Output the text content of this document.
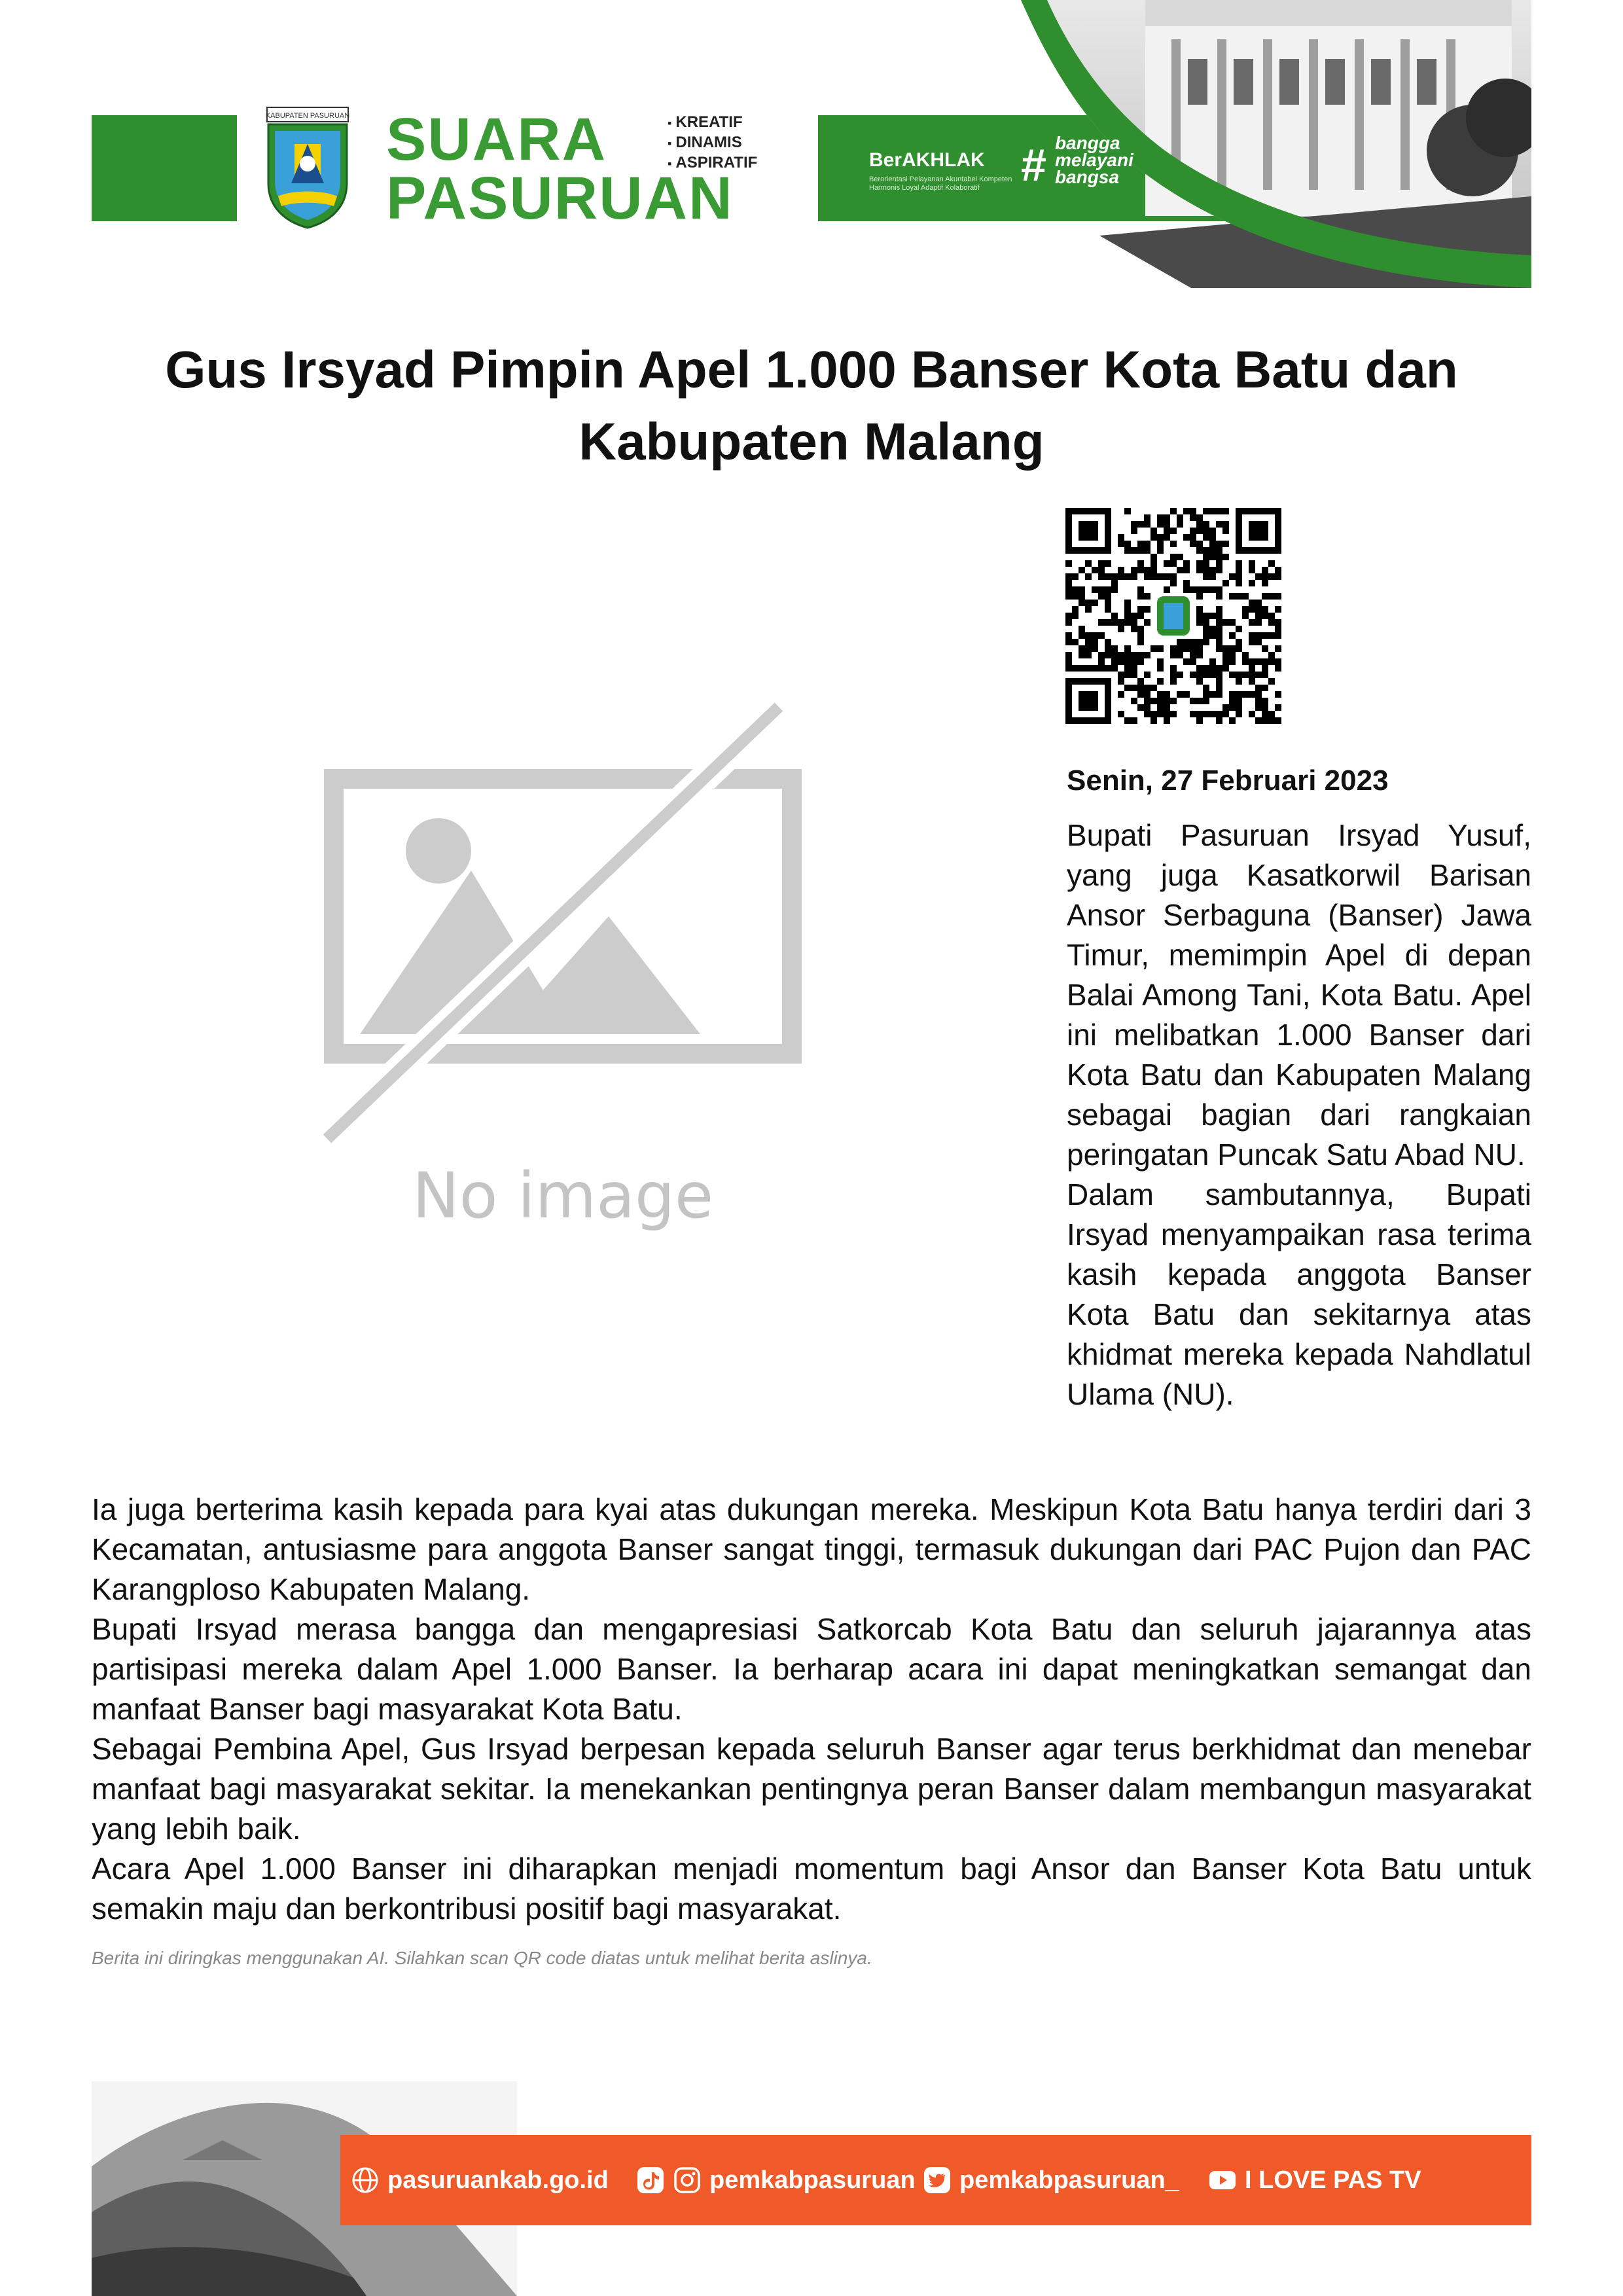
KABUPATEN PASURUAN SUARA
PASURUAN
▪ KREATIF
▪ DINAMIS
▪ ASPIRATIF	BerAKHLAK
Berorientasi Pelayanan Akuntabel Kompeten Harmonis Loyal Adaptif Kolaboratif # bangga
melayani
bangsa
Gus Irsyad Pimpin Apel 1.000 Banser Kota Batu dan Kabupaten Malang
No image
Senin, 27 Februari 2023

Bupati Pasuruan Irsyad Yusuf, yang juga Kasatkorwil Barisan Ansor Serbaguna (Banser) Jawa Timur, memimpin Apel di depan Balai Among Tani, Kota Batu. Apel ini melibatkan 1.000 Banser dari Kota Batu dan Kabupaten Malang sebagai bagian dari rangkaian peringatan Puncak Satu Abad NU.

Dalam sambutannya, Bupati Irsyad menyampaikan rasa terima kasih kepada anggota Banser Kota Batu dan sekitarnya atas khidmat mereka kepada Nahdlatul Ulama (NU).

Ia juga berterima kasih kepada para kyai atas dukungan mereka. Meskipun Kota Batu hanya terdiri dari 3 Kecamatan, antusiasme para anggota Banser sangat tinggi, termasuk dukungan dari PAC Pujon dan PAC Karangploso Kabupaten Malang.

Bupati Irsyad merasa bangga dan mengapresiasi Satkorcab Kota Batu dan seluruh jajarannya atas partisipasi mereka dalam Apel 1.000 Banser. Ia berharap acara ini dapat meningkatkan semangat dan manfaat Banser bagi masyarakat Kota Batu.

Sebagai Pembina Apel, Gus Irsyad berpesan kepada seluruh Banser agar terus berkhidmat dan menebar manfaat bagi masyarakat sekitar. Ia menekankan pentingnya peran Banser dalam membangun masyarakat yang lebih baik.

Acara Apel 1.000 Banser ini diharapkan menjadi momentum bagi Ansor dan Banser Kota Batu untuk semakin maju dan berkontribusi positif bagi masyarakat.

Berita ini diringkas menggunakan AI. Silahkan scan QR code diatas untuk melihat berita aslinya.
pasuruankab.go.id	pemkabpasuruan pemkabpasuruan_	I LOVE PAS TV
